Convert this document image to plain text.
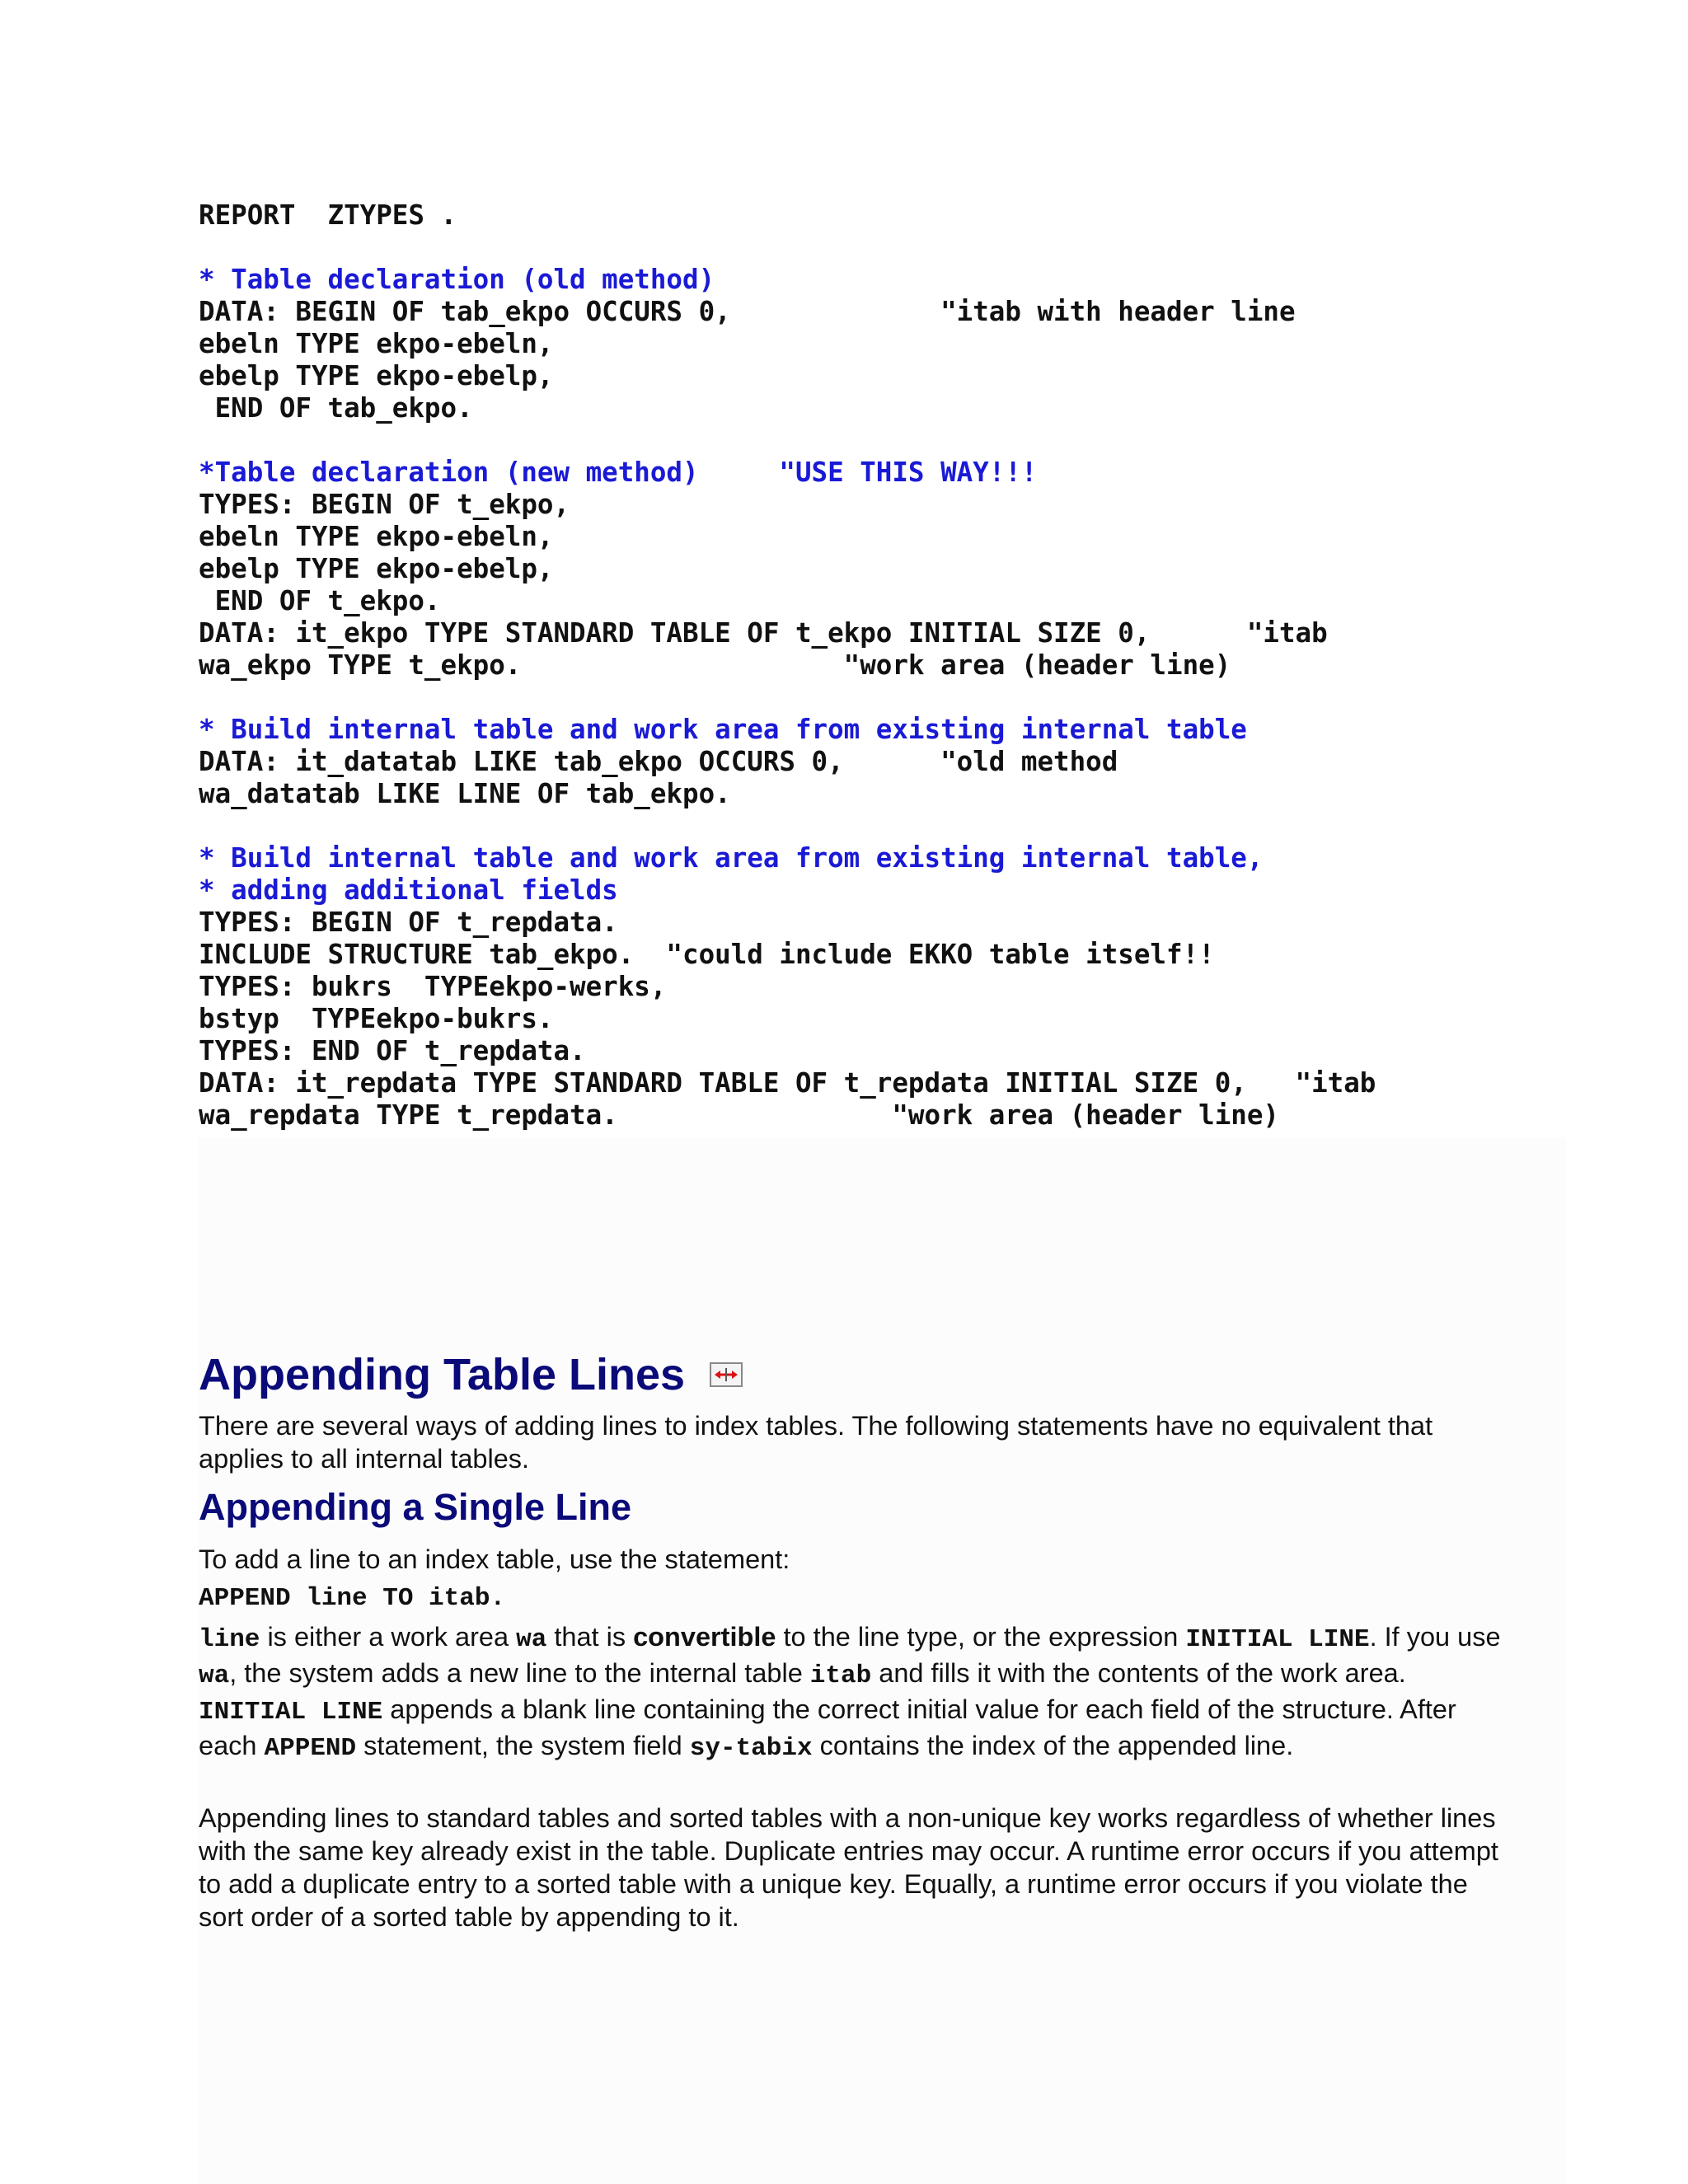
REPORT  ZTYPES .
* Table declaration (old method)
DATA: BEGIN OF tab_ekpo OCCURS 0,             "itab with header line
ebeln TYPE ekpo-ebeln,
ebelp TYPE ekpo-ebelp,
END OF tab_ekpo.
*Table declaration (new method)     "USE THIS WAY!!!
TYPES: BEGIN OF t_ekpo,
ebeln TYPE ekpo-ebeln,
ebelp TYPE ekpo-ebelp,
END OF t_ekpo.
DATA: it_ekpo TYPE STANDARD TABLE OF t_ekpo INITIAL SIZE 0,      "itab
wa_ekpo TYPE t_ekpo.                    "work area (header line)
* Build internal table and work area from existing internal table
DATA: it_datatab LIKE tab_ekpo OCCURS 0,      "old method
wa_datatab LIKE LINE OF tab_ekpo.
* Build internal table and work area from existing internal table,
* adding additional fields
TYPES: BEGIN OF t_repdata.
INCLUDE STRUCTURE tab_ekpo.  "could include EKKO table itself!!
TYPES: bukrs  TYPEekpo-werks,
bstyp  TYPEekpo-bukrs.
TYPES: END OF t_repdata.
DATA: it_repdata TYPE STANDARD TABLE OF t_repdata INITIAL SIZE 0,   "itab
wa_repdata TYPE t_repdata.                 "work area (header line)
Appending Table Lines

There are several ways of adding lines to index tables. The following statements have no equivalent that applies to all internal tables.

Appending a Single Line

To add a line to an index table, use the statement:

APPEND line TO itab.

line is either a work area wa that is convertible to the line type, or the expression INITIAL LINE. If you use wa, the system adds a new line to the internal table itab and fills it with the contents of the work area. INITIAL LINE appends a blank line containing the correct initial value for each field of the structure. After each APPEND statement, the system field sy-tabix contains the index of the appended line.

Appending lines to standard tables and sorted tables with a non-unique key works regardless of whether lines with the same key already exist in the table. Duplicate entries may occur. A runtime error occurs if you attempt to add a duplicate entry to a sorted table with a unique key. Equally, a runtime error occurs if you violate the sort order of a sorted table by appending to it.
